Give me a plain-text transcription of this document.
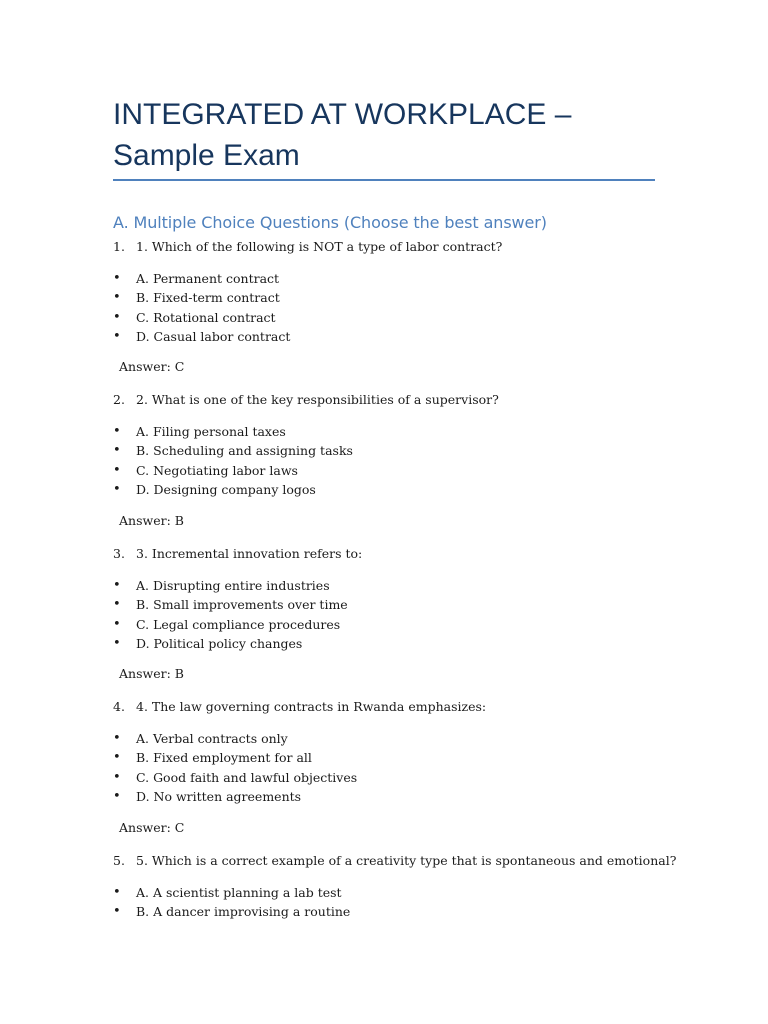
INTEGRATED AT WORKPLACE – Sample Exam
A. Multiple Choice Questions (Choose the best answer)
1. 1. Which of the following is NOT a type of labor contract?
• A. Permanent contract
• B. Fixed-term contract
• C. Rotational contract
• D. Casual labor contract
Answer: C
2. 2. What is one of the key responsibilities of a supervisor?
• A. Filing personal taxes
• B. Scheduling and assigning tasks
• C. Negotiating labor laws
• D. Designing company logos
Answer: B
3. 3. Incremental innovation refers to:
• A. Disrupting entire industries
• B. Small improvements over time
• C. Legal compliance procedures
• D. Political policy changes
Answer: B
4. 4. The law governing contracts in Rwanda emphasizes:
• A. Verbal contracts only
• B. Fixed employment for all
• C. Good faith and lawful objectives
• D. No written agreements
Answer: C
5. 5. Which is a correct example of a creativity type that is spontaneous and emotional?
• A. A scientist planning a lab test
• B. A dancer improvising a routine
